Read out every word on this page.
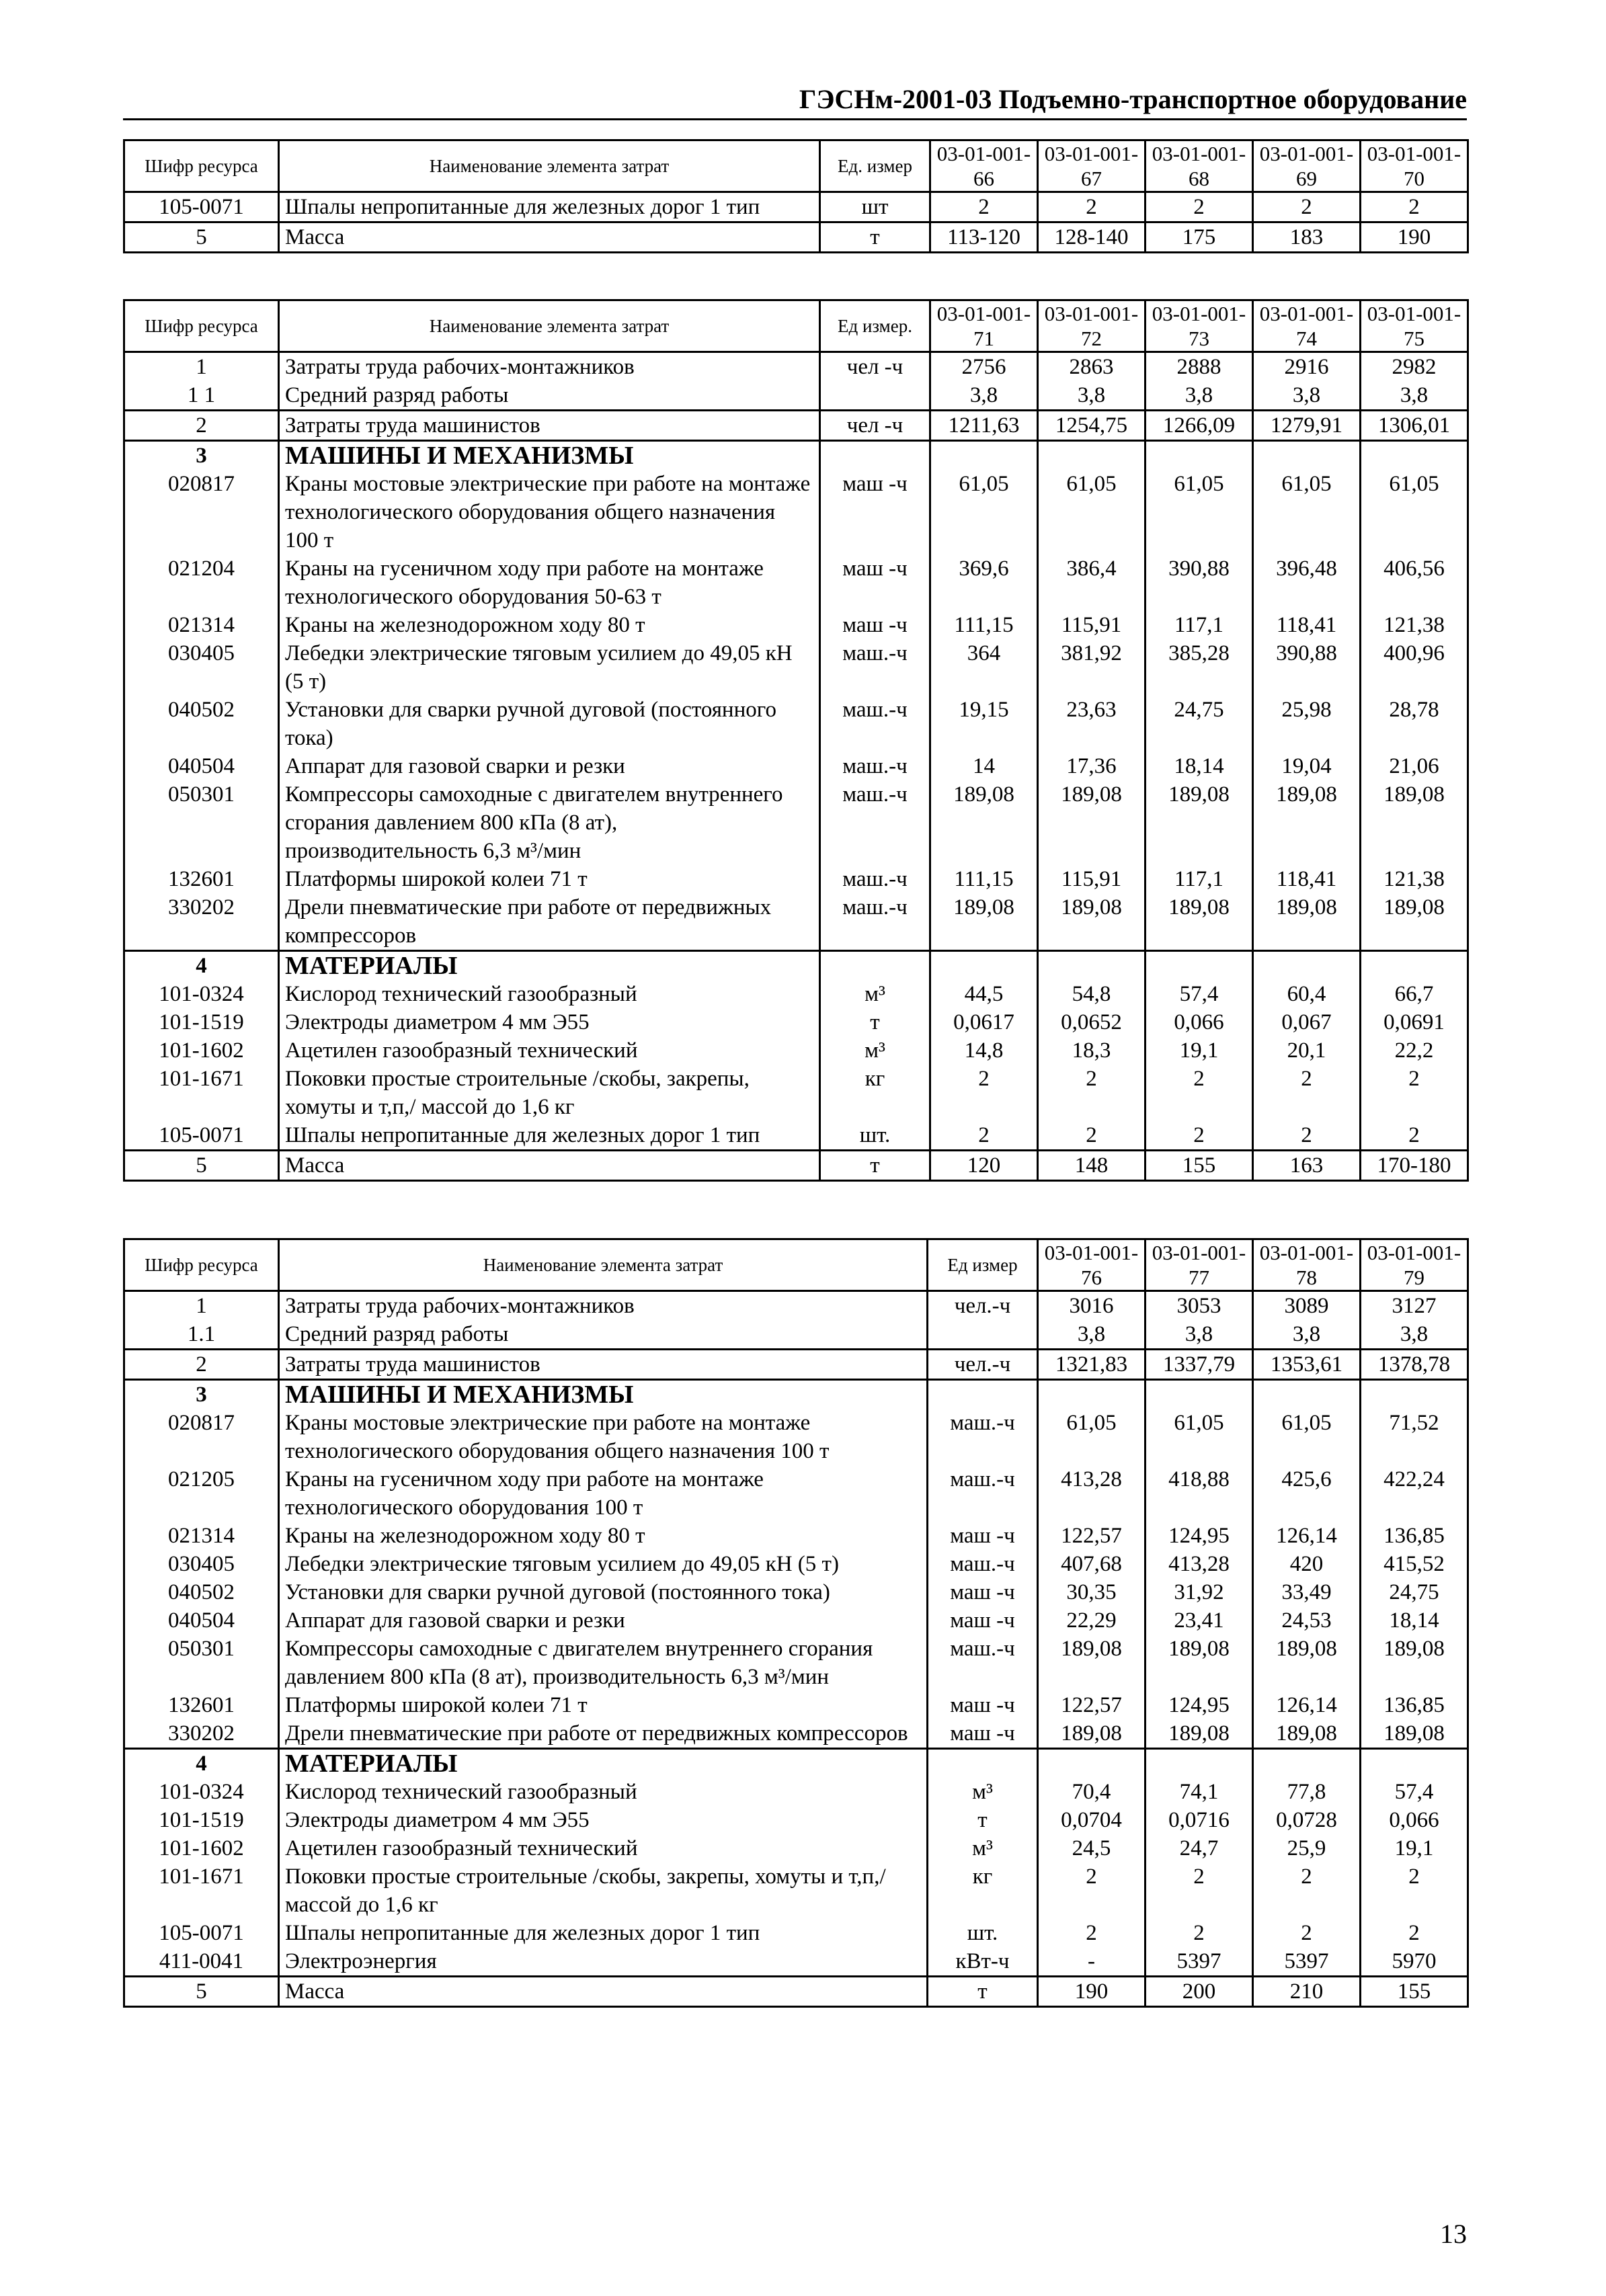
ГЭСНм-2001-03 Подъемно-транспортное оборудование
Шифр ресурса	Наименование элемента затрат	Ед. измер	03-01-001-66	03-01-001-67	03-01-001-68	03-01-001-69	03-01-001-70
105-0071	Шпалы непропитанные для железных дорог 1 тип	шт	2	2	2	2	2
5	Масса	т	113-120	128-140	175	183	190
Шифр ресурса	Наименование элемента затрат	Ед измер.	03-01-001-71	03-01-001-72	03-01-001-73	03-01-001-74	03-01-001-75
1	Затраты труда рабочих-монтажников	чел -ч	2756	2863	2888	2916	2982
1 1	Средний разряд работы		3,8	3,8	3,8	3,8	3,8
2	Затраты труда машинистов	чел -ч	1211,63	1254,75	1266,09	1279,91	1306,01
3	МАШИНЫ И МЕХАНИЗМЫ						
020817	Краны мостовые электрические при работе на монтаже технологического оборудования общего назначения 100 т	маш -ч	61,05	61,05	61,05	61,05	61,05
021204	Краны на гусеничном ходу при работе на монтаже технологического оборудования 50-63 т	маш -ч	369,6	386,4	390,88	396,48	406,56
021314	Краны на железнодорожном ходу 80 т	маш -ч	111,15	115,91	117,1	118,41	121,38
030405	Лебедки электрические тяговым усилием до 49,05 кН (5 т)	маш.-ч	364	381,92	385,28	390,88	400,96
040502	Установки для сварки ручной дуговой (постоянного тока)	маш.-ч	19,15	23,63	24,75	25,98	28,78
040504	Аппарат для газовой сварки и резки	маш.-ч	14	17,36	18,14	19,04	21,06
050301	Компрессоры самоходные с двигателем внутреннего сгорания давлением 800 кПа (8 ат), производительность 6,3 м³/мин	маш.-ч	189,08	189,08	189,08	189,08	189,08
132601	Платформы широкой колеи 71 т	маш.-ч	111,15	115,91	117,1	118,41	121,38
330202	Дрели пневматические при работе от передвижных компрессоров	маш.-ч	189,08	189,08	189,08	189,08	189,08
4	МАТЕРИАЛЫ						
101-0324	Кислород технический газообразный	м³	44,5	54,8	57,4	60,4	66,7
101-1519	Электроды диаметром 4 мм Э55	т	0,0617	0,0652	0,066	0,067	0,0691
101-1602	Ацетилен газообразный технический	м³	14,8	18,3	19,1	20,1	22,2
101-1671	Поковки простые строительные /скобы, закрепы, хомуты и т,п,/ массой до 1,6 кг	кг	2	2	2	2	2
105-0071	Шпалы непропитанные для железных дорог 1 тип	шт.	2	2	2	2	2
5	Масса	т	120	148	155	163	170-180
Шифр ресурса	Наименование элемента затрат	Ед измер	03-01-001-76	03-01-001-77	03-01-001-78	03-01-001-79
1	Затраты труда рабочих-монтажников	чел.-ч	3016	3053	3089	3127
1.1	Средний разряд работы		3,8	3,8	3,8	3,8
2	Затраты труда машинистов	чел.-ч	1321,83	1337,79	1353,61	1378,78
3	МАШИНЫ И МЕХАНИЗМЫ					
020817	Краны мостовые электрические при работе на монтаже технологического оборудования общего назначения 100 т	маш.-ч	61,05	61,05	61,05	71,52
021205	Краны на гусеничном ходу при работе на монтаже технологического оборудования 100 т	маш.-ч	413,28	418,88	425,6	422,24
021314	Краны на железнодорожном ходу 80 т	маш -ч	122,57	124,95	126,14	136,85
030405	Лебедки электрические тяговым усилием до 49,05 кН (5 т)	маш.-ч	407,68	413,28	420	415,52
040502	Установки для сварки ручной дуговой (постоянного тока)	маш -ч	30,35	31,92	33,49	24,75
040504	Аппарат для газовой сварки и резки	маш -ч	22,29	23,41	24,53	18,14
050301	Компрессоры самоходные с двигателем внутреннего сгорания давлением 800 кПа (8 ат), производительность 6,3 м³/мин	маш.-ч	189,08	189,08	189,08	189,08
132601	Платформы широкой колеи 71 т	маш -ч	122,57	124,95	126,14	136,85
330202	Дрели пневматические при работе от передвижных компрессоров	маш -ч	189,08	189,08	189,08	189,08
4	МАТЕРИАЛЫ					
101-0324	Кислород технический газообразный	м³	70,4	74,1	77,8	57,4
101-1519	Электроды диаметром 4 мм Э55	т	0,0704	0,0716	0,0728	0,066
101-1602	Ацетилен газообразный технический	м³	24,5	24,7	25,9	19,1
101-1671	Поковки простые строительные /скобы, закрепы, хомуты и т,п,/ массой до 1,6 кг	кг	2	2	2	2
105-0071	Шпалы непропитанные для железных дорог 1 тип	шт.	2	2	2	2
411-0041	Электроэнергия	кВт-ч	-	5397	5397	5970
5	Масса	т	190	200	210	155
13
